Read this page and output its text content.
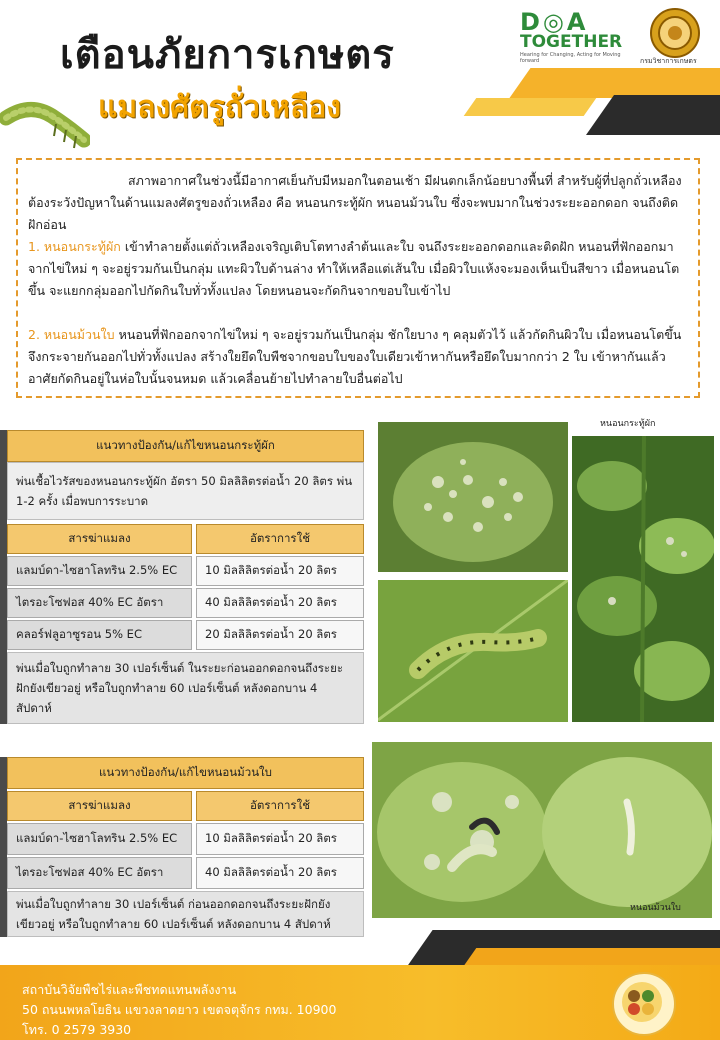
เตือนภัยการเกษตร
แมลงศัตรูถั่วเหลือง
D◎A
TOGETHER
Hearing for Changing, Acting for Moving forward	กรมวิชาการเกษตร
สภาพอากาศในช่วงนี้มีอากาศเย็นกับมีหมอกในตอนเช้า มีฝนตกเล็กน้อยบางพื้นที่ สำหรับผู้ที่ปลูกถั่วเหลือง ต้องระวังปัญหาในด้านแมลงศัตรูของถั่วเหลือง คือ หนอนกระทู้ผัก หนอนม้วนใบ ซึ่งจะพบมากในช่วงระยะออกดอก จนถึงติดฝักอ่อน
1. หนอนกระทู้ผัก เข้าทำลายตั้งแต่ถั่วเหลืองเจริญเติบโตทางลำต้นและใบ จนถึงระยะออกดอกและติดฝัก หนอนที่ฟักออกมาจากไข่ใหม่ ๆ จะอยู่รวมกันเป็นกลุ่ม แทะผิวใบด้านล่าง ทำให้เหลือแต่เส้นใบ เมื่อผิวใบแห้งจะมองเห็นเป็นสีขาว เมื่อหนอนโตขึ้น จะแยกกลุ่มออกไปกัดกินใบทั่วทั้งแปลง โดยหนอนจะกัดกินจากขอบใบเข้าไป
2. หนอนม้วนใบ หนอนที่ฟักออกจากไข่ใหม่ ๆ จะอยู่รวมกันเป็นกลุ่ม ชักใยบาง ๆ คลุมตัวไว้ แล้วกัดกินผิวใบ เมื่อหนอนโตขึ้นจึงกระจายกันออกไปทั่วทั้งแปลง สร้างใยยึดใบพืชจากขอบใบของใบเดียวเข้าหากันหรือยึดใบมากกว่า 2 ใบ เข้าหากันแล้วอาศัยกัดกินอยู่ในห่อใบนั้นจนหมด แล้วเคลื่อนย้ายไปทำลายใบอื่นต่อไป
แนวทางป้องกัน/แก้ไขหนอนกระทู้ผัก
พ่นเชื้อไวรัสของหนอนกระทู้ผัก อัตรา 50 มิลลิลิตรต่อน้ำ 20 ลิตร พ่น 1-2 ครั้ง เมื่อพบการระบาด
สารฆ่าแมลง	อัตราการใช้
แลมบ์ดา-ไซฮาโลทริน 2.5% EC	10 มิลลิลิตรต่อน้ำ 20 ลิตร
ไตรอะโซฟอส 40% EC อัตรา	40 มิลลิลิตรต่อน้ำ 20 ลิตร
คลอร์ฟลูอาซูรอน 5% EC	20 มิลลิลิตรต่อน้ำ 20 ลิตร
พ่นเมื่อใบถูกทำลาย 30 เปอร์เซ็นต์ ในระยะก่อนออกดอกจนถึงระยะฝักยังเขียวอยู่ หรือใบถูกทำลาย 60 เปอร์เซ็นต์ หลังดอกบาน 4 สัปดาห์
แนวทางป้องกัน/แก้ไขหนอนม้วนใบ
สารฆ่าแมลง	อัตราการใช้
แลมบ์ดา-ไซฮาโลทริน 2.5% EC	10 มิลลิลิตรต่อน้ำ 20 ลิตร
ไตรอะโซฟอส 40% EC อัตรา	40 มิลลิลิตรต่อน้ำ 20 ลิตร
พ่นเมื่อใบถูกทำลาย 30 เปอร์เซ็นต์ ก่อนออกดอกจนถึงระยะฝักยังเขียวอยู่ หรือใบถูกทำลาย 60 เปอร์เซ็นต์ หลังดอกบาน 4 สัปดาห์
หนอนกระทู้ผัก
หนอนม้วนใบ
สถาบันวิจัยพืชไร่และพืชทดแทนพลังงาน
50 ถนนพหลโยธิน แขวงลาดยาว เขตจตุจักร กทม. 10900
โทร. 0 2579 3930
